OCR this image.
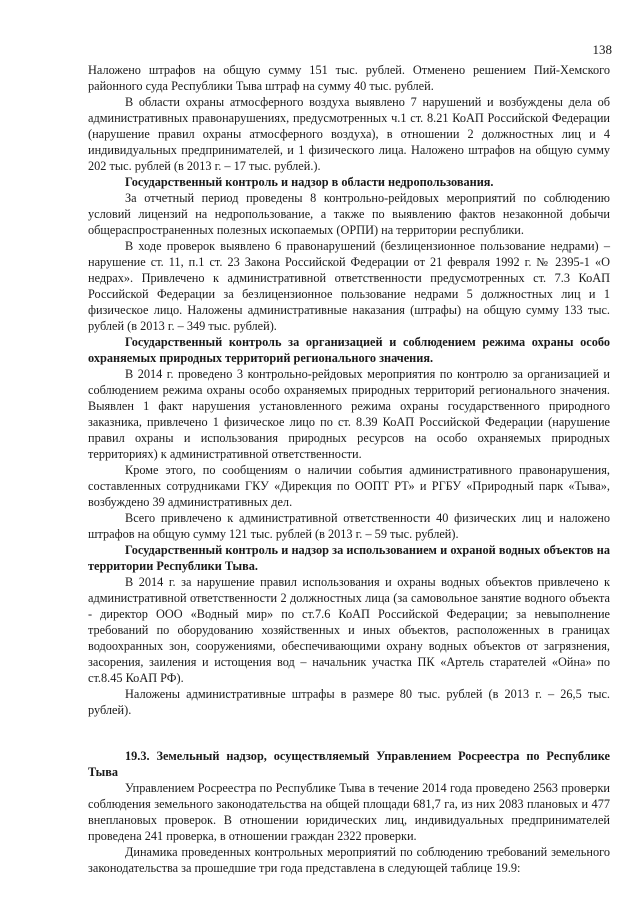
138

Наложено штрафов на общую сумму 151 тыс. рублей. Отменено решением Пий-Хемского районного суда Республики Тыва штраф на сумму 40 тыс. рублей.

В области охраны атмосферного воздуха выявлено 7 нарушений и возбуждены дела об административных правонарушениях, предусмотренных ч.1 ст. 8.21 КоАП Российской Федерации (нарушение правил охраны атмосферного воздуха), в отношении 2 должностных лиц и 4 индивидуальных предпринимателей, и 1 физического лица. Наложено штрафов на общую сумму 202 тыс. рублей (в 2013 г. – 17 тыс. рублей.).

Государственный контроль и надзор в области недропользования.

За отчетный период проведены 8 контрольно-рейдовых мероприятий по соблюдению условий лицензий на недропользование, а также по выявлению фактов незаконной добычи общераспространенных полезных ископаемых (ОРПИ) на территории республики.

В ходе проверок выявлено 6 правонарушений (безлицензионное пользование недрами) – нарушение ст. 11, п.1 ст. 23 Закона Российской Федерации от 21 февраля 1992 г. № 2395-1 «О недрах». Привлечено к административной ответственности предусмотренных ст. 7.3 КоАП Российской Федерации за безлицензионное пользование недрами 5 должностных лиц и 1 физическое лицо. Наложены административные наказания (штрафы) на общую сумму 133 тыс. рублей (в 2013 г. – 349 тыс. рублей).

Государственный контроль за организацией и соблюдением режима охраны особо охраняемых природных территорий регионального значения.

В 2014 г. проведено 3 контрольно-рейдовых мероприятия по контролю за организацией и соблюдением режима охраны особо охраняемых природных территорий регионального значения. Выявлен 1 факт нарушения установленного режима охраны государственного природного заказника, привлечено 1 физическое лицо по ст. 8.39 КоАП Российской Федерации (нарушение правил охраны и использования природных ресурсов на особо охраняемых природных территориях) к административной ответственности.

Кроме этого, по сообщениям о наличии события административного правонарушения, составленных сотрудниками ГКУ «Дирекция по ООПТ РТ» и РГБУ «Природный парк «Тыва», возбуждено 39 административных дел.

Всего привлечено к административной ответственности 40 физических лиц и наложено штрафов на общую сумму 121 тыс. рублей (в 2013 г. – 59 тыс. рублей).

Государственный контроль и надзор за использованием и охраной водных объектов на территории Республики Тыва.

В 2014 г. за нарушение правил использования и охраны водных объектов привлечено к административной ответственности 2 должностных лица (за самовольное занятие водного объекта - директор ООО «Водный мир» по ст.7.6 КоАП Российской Федерации; за невыполнение требований по оборудованию хозяйственных и иных объектов, расположенных в границах водоохранных зон, сооружениями, обеспечивающими охрану водных объектов от загрязнения, засорения, заиления и истощения вод – начальник участка ПК «Артель старателей «Ойна» по ст.8.45 КоАП РФ).

Наложены административные штрафы в размере 80 тыс. рублей (в 2013 г. – 26,5 тыс. рублей).

19.3. Земельный надзор, осуществляемый Управлением Росреестра по Республике Тыва

Управлением Росреестра по Республике Тыва в течение 2014 года проведено 2563 проверки соблюдения земельного законодательства на общей площади 681,7 га, из них 2083 плановых и 477 внеплановых проверок. В отношении юридических лиц, индивидуальных предпринимателей проведена 241 проверка, в отношении граждан 2322 проверки.

Динамика проведенных контрольных мероприятий по соблюдению требований земельного законодательства за прошедшие три года представлена в следующей таблице 19.9:
